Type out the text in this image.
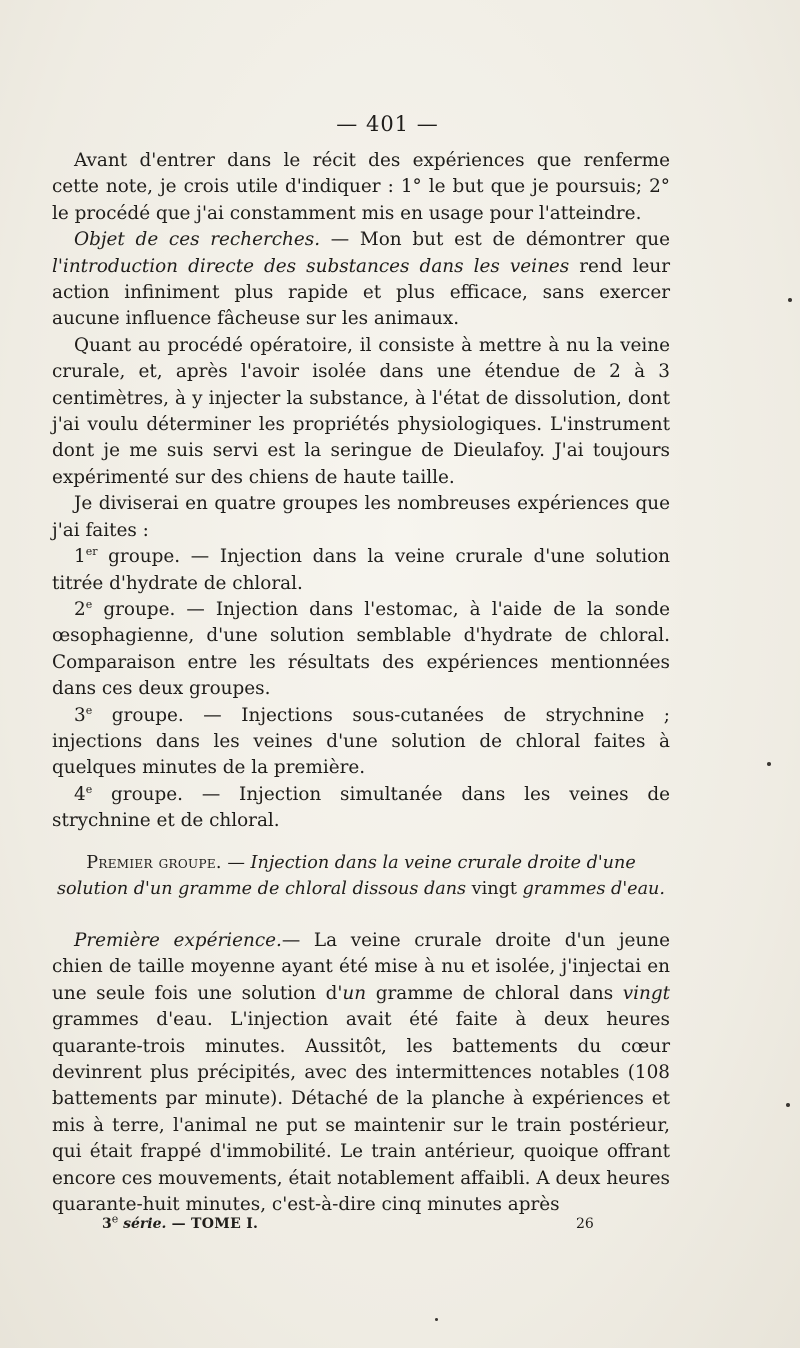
— 401 —

Avant d'entrer dans le récit des expériences que renferme cette note, je crois utile d'indiquer : 1° le but que je poursuis; 2° le procédé que j'ai constamment mis en usage pour l'atteindre.

Objet de ces recherches. — Mon but est de démontrer que l'introduction directe des substances dans les veines rend leur action infiniment plus rapide et plus efficace, sans exercer aucune influence fâcheuse sur les animaux.

Quant au procédé opératoire, il consiste à mettre à nu la veine crurale, et, après l'avoir isolée dans une étendue de 2 à 3 centimètres, à y injecter la substance, à l'état de dissolution, dont j'ai voulu déterminer les propriétés physiologiques. L'instrument dont je me suis servi est la seringue de Dieulafoy. J'ai toujours expérimenté sur des chiens de haute taille.

Je diviserai en quatre groupes les nombreuses expériences que j'ai faites :

1er groupe. — Injection dans la veine crurale d'une solution titrée d'hydrate de chloral.

2e groupe. — Injection dans l'estomac, à l'aide de la sonde œsophagienne, d'une solution semblable d'hydrate de chloral. Comparaison entre les résultats des expériences mentionnées dans ces deux groupes.

3e groupe. — Injections sous-cutanées de strychnine ; injections dans les veines d'une solution de chloral faites à quelques minutes de la première.

4e groupe. — Injection simultanée dans les veines de strychnine et de chloral.

Premier groupe. — Injection dans la veine crurale droite d'une solution d'un gramme de chloral dissous dans vingt grammes d'eau.

Première expérience.— La veine crurale droite d'un jeune chien de taille moyenne ayant été mise à nu et isolée, j'injectai en une seule fois une solution d'un gramme de chloral dans vingt grammes d'eau. L'injection avait été faite à deux heures quarante-trois minutes. Aussitôt, les battements du cœur devinrent plus précipités, avec des intermittences notables (108 battements par minute). Détaché de la planche à expériences et mis à terre, l'animal ne put se maintenir sur le train postérieur, qui était frappé d'immobilité. Le train antérieur, quoique offrant encore ces mouvements, était notablement affaibli. A deux heures quarante-huit minutes, c'est-à-dire cinq minutes après

3e série. — TOME I.	26
